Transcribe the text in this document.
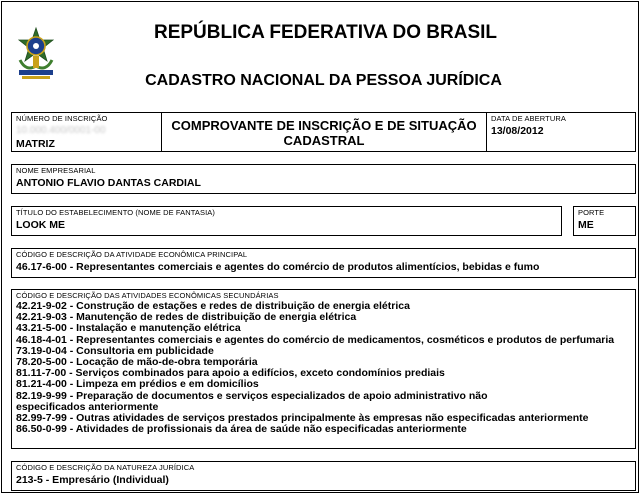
REPÚBLICA FEDERATIVA DO BRASIL
CADASTRO NACIONAL DA PESSOA JURÍDICA
NÚMERO DE INSCRIÇÃO
10.000.400/0001-00
MATRIZ
COMPROVANTE DE INSCRIÇÃO E DE SITUAÇÃO
CADASTRAL
DATA DE ABERTURA
13/08/2012
NOME EMPRESARIAL
ANTONIO FLAVIO DANTAS CARDIAL
TÍTULO DO ESTABELECIMENTO (NOME DE FANTASIA)
LOOK ME
PORTE
ME
CÓDIGO E DESCRIÇÃO DA ATIVIDADE ECONÔMICA PRINCIPAL
46.17-6-00 - Representantes comerciais e agentes do comércio de produtos alimentícios, bebidas e fumo
CÓDIGO E DESCRIÇÃO DAS ATIVIDADES ECONÔMICAS SECUNDÁRIAS
42.21-9-02 - Construção de estações e redes de distribuição de energia elétrica
42.21-9-03 - Manutenção de redes de distribuição de energia elétrica
43.21-5-00 - Instalação e manutenção elétrica
46.18-4-01 - Representantes comerciais e agentes do comércio de medicamentos, cosméticos e produtos de perfumaria
73.19-0-04 - Consultoria em publicidade
78.20-5-00 - Locação de mão-de-obra temporária
81.11-7-00 - Serviços combinados para apoio a edifícios, exceto condomínios prediais
81.21-4-00 - Limpeza em prédios e em domicílios
82.19-9-99 - Preparação de documentos e serviços especializados de apoio administrativo não especificados anteriormente
82.99-7-99 - Outras atividades de serviços prestados principalmente às empresas não especificadas anteriormente
86.50-0-99 - Atividades de profissionais da área de saúde não especificadas anteriormente
CÓDIGO E DESCRIÇÃO DA NATUREZA JURÍDICA
213-5 - Empresário (Individual)
